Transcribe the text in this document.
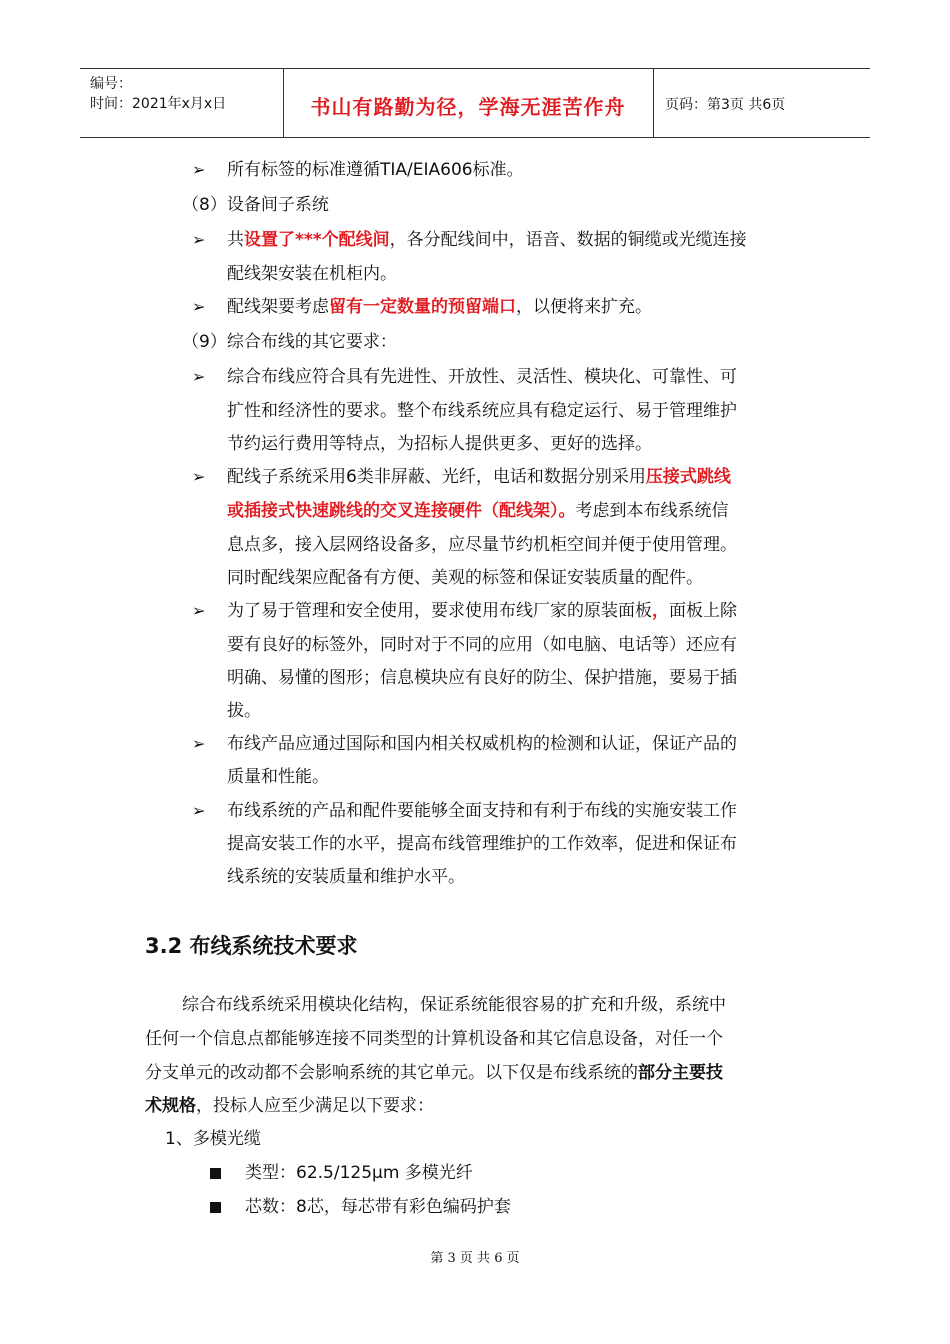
编号：
时间：2021年x月x日	书山有路勤为径，学海无涯苦作舟	页码：第3页 共6页
➢ 所有标签的标准遵循TIA/EIA606标准。
（8）设备间子系统
➢ 共设置了***个配线间，各分配线间中，语音、数据的铜缆或光缆连接
配线架安装在机柜内。
➢ 配线架要考虑留有一定数量的预留端口，以便将来扩充。
（9）综合布线的其它要求：
➢ 综合布线应符合具有先进性、开放性、灵活性、模块化、可靠性、可
扩性和经济性的要求。整个布线系统应具有稳定运行、易于管理维护
节约运行费用等特点，为招标人提供更多、更好的选择。
➢ 配线子系统采用6类非屏蔽、光纤，电话和数据分别采用压接式跳线
或插接式快速跳线的交叉连接硬件（配线架）。考虑到本布线系统信
息点多，接入层网络设备多，应尽量节约机柜空间并便于使用管理。
同时配线架应配备有方便、美观的标签和保证安装质量的配件。
➢ 为了易于管理和安全使用，要求使用布线厂家的原装面板，面板上除
要有良好的标签外，同时对于不同的应用（如电脑、电话等）还应有
明确、易懂的图形；信息模块应有良好的防尘、保护措施，要易于插
拔。
➢ 布线产品应通过国际和国内相关权威机构的检测和认证，保证产品的
质量和性能。
➢ 布线系统的产品和配件要能够全面支持和有利于布线的实施安装工作
提高安装工作的水平，提高布线管理维护的工作效率，促进和保证布
线系统的安装质量和维护水平。
3.2 布线系统技术要求
综合布线系统采用模块化结构，保证系统能很容易的扩充和升级，系统中
任何一个信息点都能够连接不同类型的计算机设备和其它信息设备，对任一个
分支单元的改动都不会影响系统的其它单元。以下仅是布线系统的部分主要技
术规格，投标人应至少满足以下要求：
1、多模光缆
类型：62.5/125μm 多模光纤
芯数：8芯，每芯带有彩色编码护套
第 3 页 共 6 页
